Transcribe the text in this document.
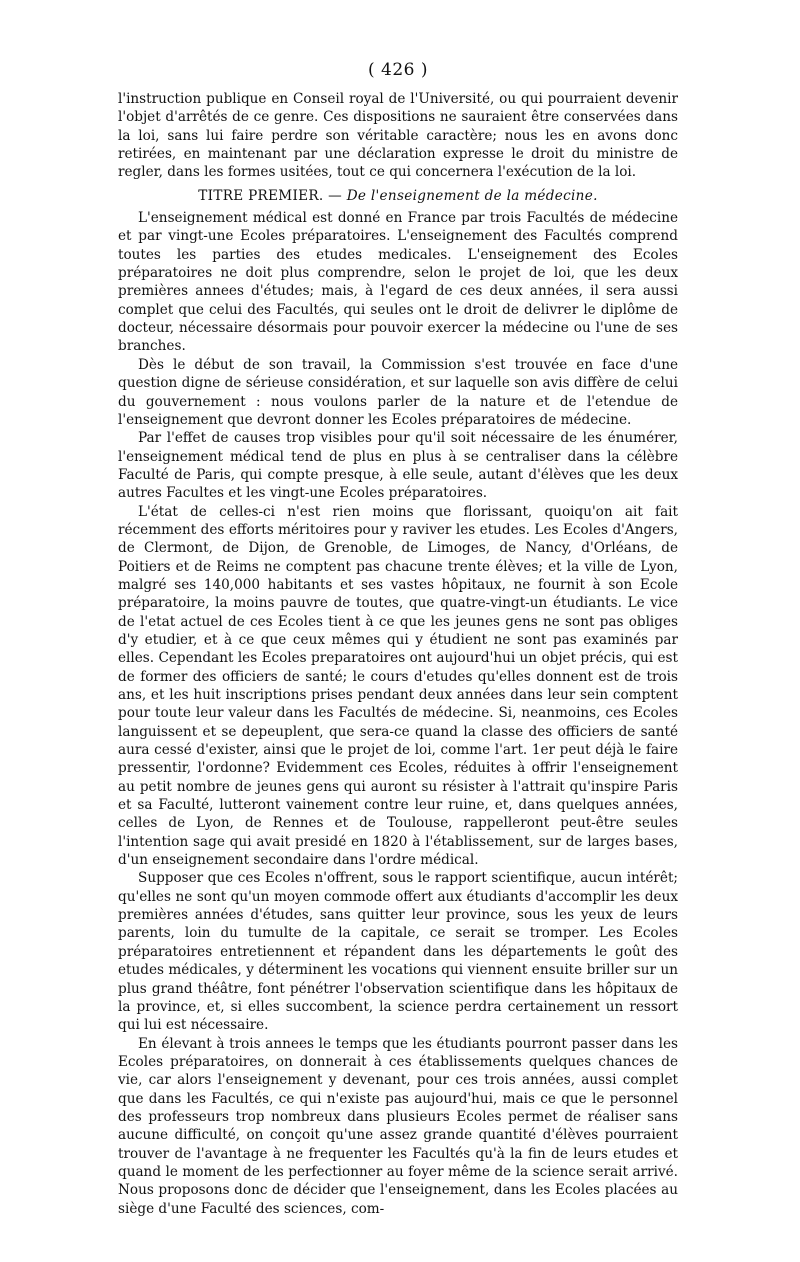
( 426 )

l'instruction publique en Conseil royal de l'Université, ou qui pourraient devenir l'objet d'arrêtés de ce genre. Ces dispositions ne sauraient être conservées dans la loi, sans lui faire perdre son véritable caractère; nous les en avons donc retirées, en maintenant par une déclaration expresse le droit du ministre de regler, dans les formes usitées, tout ce qui concernera l'exécution de la loi.

TITRE PREMIER. — De l'enseignement de la médecine.

L'enseignement médical est donné en France par trois Facultés de médecine et par vingt-une Ecoles préparatoires. L'enseignement des Facultés comprend toutes les parties des etudes medicales. L'enseignement des Ecoles préparatoires ne doit plus comprendre, selon le projet de loi, que les deux premières annees d'études; mais, à l'egard de ces deux années, il sera aussi complet que celui des Facultés, qui seules ont le droit de delivrer le diplôme de docteur, nécessaire désormais pour pouvoir exercer la médecine ou l'une de ses branches.

Dès le début de son travail, la Commission s'est trouvée en face d'une question digne de sérieuse considération, et sur laquelle son avis diffère de celui du gouvernement : nous voulons parler de la nature et de l'etendue de l'enseignement que devront donner les Ecoles préparatoires de médecine.

Par l'effet de causes trop visibles pour qu'il soit nécessaire de les énumérer, l'enseignement médical tend de plus en plus à se centraliser dans la célèbre Faculté de Paris, qui compte presque, à elle seule, autant d'élèves que les deux autres Facultes et les vingt-une Ecoles préparatoires.

L'état de celles-ci n'est rien moins que florissant, quoiqu'on ait fait récemment des efforts méritoires pour y raviver les etudes. Les Ecoles d'Angers, de Clermont, de Dijon, de Grenoble, de Limoges, de Nancy, d'Orléans, de Poitiers et de Reims ne comptent pas chacune trente élèves; et la ville de Lyon, malgré ses 140,000 habitants et ses vastes hôpitaux, ne fournit à son Ecole préparatoire, la moins pauvre de toutes, que quatre-vingt-un étudiants. Le vice de l'etat actuel de ces Ecoles tient à ce que les jeunes gens ne sont pas obliges d'y etudier, et à ce que ceux mêmes qui y étudient ne sont pas examinés par elles. Cependant les Ecoles preparatoires ont aujourd'hui un objet précis, qui est de former des officiers de santé; le cours d'etudes qu'elles donnent est de trois ans, et les huit inscriptions prises pendant deux années dans leur sein comptent pour toute leur valeur dans les Facultés de médecine. Si, neanmoins, ces Ecoles languissent et se depeuplent, que sera-ce quand la classe des officiers de santé aura cessé d'exister, ainsi que le projet de loi, comme l'art. 1er peut déjà le faire pressentir, l'ordonne? Evidemment ces Ecoles, réduites à offrir l'enseignement au petit nombre de jeunes gens qui auront su résister à l'attrait qu'inspire Paris et sa Faculté, lutteront vainement contre leur ruine, et, dans quelques années, celles de Lyon, de Rennes et de Toulouse, rappelleront peut-être seules l'intention sage qui avait presidé en 1820 à l'établissement, sur de larges bases, d'un enseignement secondaire dans l'ordre médical.

Supposer que ces Ecoles n'offrent, sous le rapport scientifique, aucun intérêt; qu'elles ne sont qu'un moyen commode offert aux étudiants d'accomplir les deux premières années d'études, sans quitter leur province, sous les yeux de leurs parents, loin du tumulte de la capitale, ce serait se tromper. Les Ecoles préparatoires entretiennent et répandent dans les départements le goût des etudes médicales, y déterminent les vocations qui viennent ensuite briller sur un plus grand théâtre, font pénétrer l'observation scientifique dans les hôpitaux de la province, et, si elles succombent, la science perdra certainement un ressort qui lui est nécessaire.

En élevant à trois annees le temps que les étudiants pourront passer dans les Ecoles préparatoires, on donnerait à ces établissements quelques chances de vie, car alors l'enseignement y devenant, pour ces trois années, aussi complet que dans les Facultés, ce qui n'existe pas aujourd'hui, mais ce que le personnel des professeurs trop nombreux dans plusieurs Ecoles permet de réaliser sans aucune difficulté, on conçoit qu'une assez grande quantité d'élèves pourraient trouver de l'avantage à ne frequenter les Facultés qu'à la fin de leurs etudes et quand le moment de les perfectionner au foyer même de la science serait arrivé. Nous proposons donc de décider que l'enseignement, dans les Ecoles placées au siège d'une Faculté des sciences, com-
